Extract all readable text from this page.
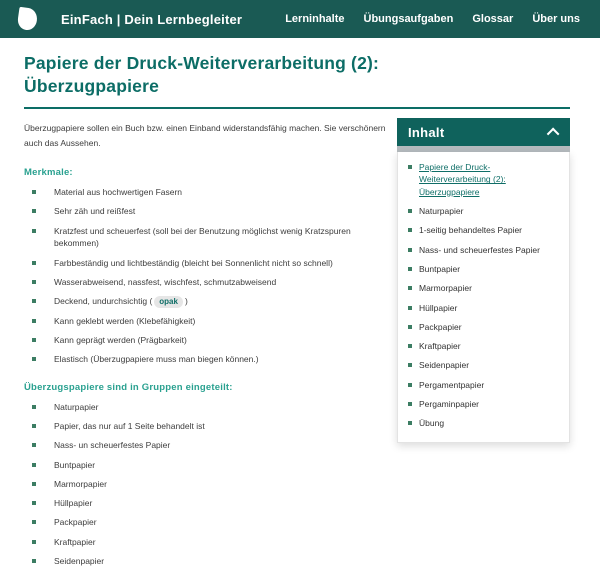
EinFach | Dein Lernbegleiter	Lerninhalte Übungsaufgaben Glossar Über uns
Papiere der Druck-Weiterverarbeitung (2): Überzugpapiere

Überzugpapiere sollen ein Buch bzw. einen Einband widerstandsfähig machen. Sie verschönern auch das Aussehen.

Merkmale:
Material aus hochwertigen Fasern
Sehr zäh und reißfest
Kratzfest und scheuerfest (soll bei der Benutzung möglichst wenig Kratzspuren bekommen)
Farbbeständig und lichtbeständig (bleicht bei Sonnenlicht nicht so schnell)
Wasserabweisend, nassfest, wischfest, schmutzabweisend
Deckend, undurchsichtig ( opak )
Kann geklebt werden (Klebefähigkeit)
Kann geprägt werden (Prägbarkeit)
Elastisch (Überzugpapiere muss man biegen können.)
Überzugspapiere sind in Gruppen eingeteilt:
Naturpapier
Papier, das nur auf 1 Seite behandelt ist
Nass- un scheuerfestes Papier
Buntpapier
Marmorpapier
Hüllpapier
Packpapier
Kraftpapier
Seidenpapier
Inhalt
Papiere der Druck-Weiterverarbeitung (2): Überzugpapiere
Naturpapier
1-seitig behandeltes Papier
Nass- und scheuerfestes Papier
Buntpapier
Marmorpapier
Hüllpapier
Packpapier
Kraftpapier
Seidenpapier
Pergamentpapier
Pergaminpapier
Übung
